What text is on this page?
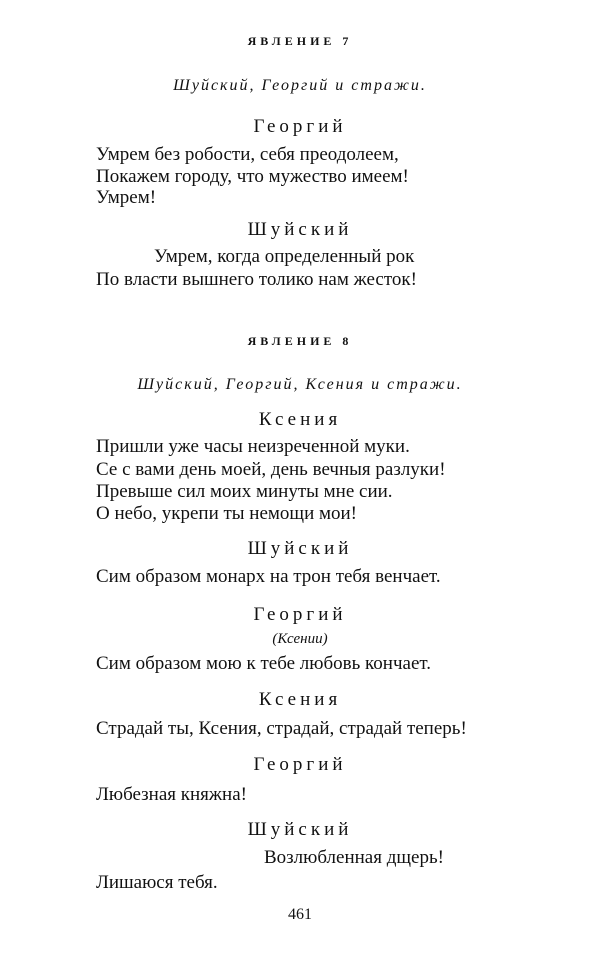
ЯВЛЕНИЕ 7
Шуйский, Георгий и стражи.
Георгий
Умрем без робости, себя преодолеем,
Покажем городу, что мужество имеем!
Умрем!
Шуйский
Умрем, когда определенный рок
По власти вышнего толико нам жесток!
ЯВЛЕНИЕ 8
Шуйский, Георгий, Ксения и стражи.
Ксения
Пришли уже часы неизреченной муки.
Се с вами день моей, день вечныя разлуки!
Превыше сил моих минуты мне сии.
О небо, укрепи ты немощи мои!
Шуйский
Сим образом монарх на трон тебя венчает.
Георгий
(Ксении)
Сим образом мою к тебе любовь кончает.
Ксения
Страдай ты, Ксения, страдай, страдай теперь!
Георгий
Любезная княжна!
Шуйский
Возлюбленная дщерь!
Лишаюся тебя.
461
